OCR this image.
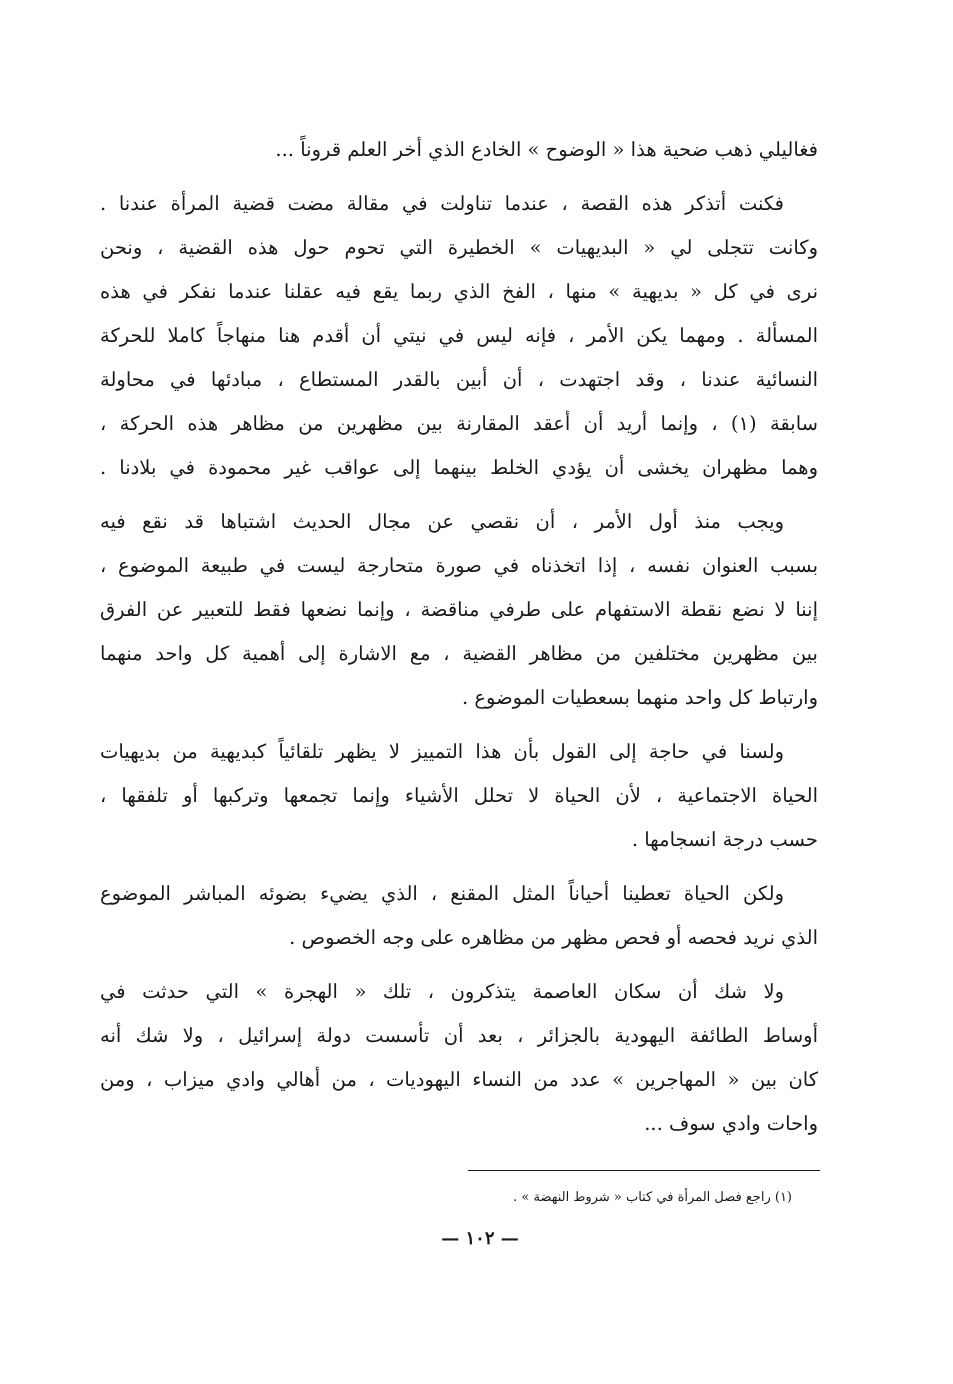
فغاليلي ذهب ضحية هذا « الوضوح » الخادع الذي أخر العلم قروناً ...
فكنت أتذكر هذه القصة ، عندما تناولت في مقالة مضت قضية المرأة عندنا .
وكانت تتجلى لي « البديهيات » الخطيرة التي تحوم حول هذه القضية ، ونحن
نرى في كل « بديهية » منها ، الفخ الذي ربما يقع فيه عقلنا عندما نفكر في هذه
المسألة . ومهما يكن الأمر ، فإنه ليس في نيتي أن أقدم هنا منهاجاً كاملا للحركة
النسائية عندنا ، وقد اجتهدت ، أن أبين بالقدر المستطاع ، مبادئها في محاولة
سابقة (١) ، وإنما أريد أن أعقد المقارنة بين مظهرين من مظاهر هذه الحركة ،
وهما مظهران يخشى أن يؤدي الخلط بينهما إلى عواقب غير محمودة في بلادنا .
ويجب منذ أول الأمر ، أن نقصي عن مجال الحديث اشتباها قد نقع فيه
بسبب العنوان نفسه ، إذا اتخذناه في صورة متحارجة ليست في طبيعة الموضوع ،
إننا لا نضع نقطة الاستفهام على طرفي مناقضة ، وإنما نضعها فقط للتعبير عن الفرق
بين مظهرين مختلفين من مظاهر القضية ، مع الاشارة إلى أهمية كل واحد منهما
وارتباط كل واحد منهما بسعطيات الموضوع .
ولسنا في حاجة إلى القول بأن هذا التمييز لا يظهر تلقائياً كبديهية من بديهيات
الحياة الاجتماعية ، لأن الحياة لا تحلل الأشياء وإنما تجمعها وتركبها أو تلفقها ،
حسب درجة انسجامها .
ولكن الحياة تعطينا أحياناً المثل المقنع ، الذي يضيء بضوئه المباشر الموضوع
الذي نريد فحصه أو فحص مظهر من مظاهره على وجه الخصوص .
ولا شك أن سكان العاصمة يتذكرون ، تلك « الهجرة » التي حدثت في
أوساط الطائفة اليهودية بالجزائر ، بعد أن تأسست دولة إسرائيل ، ولا شك أنه
كان بين « المهاجرين » عدد من النساء اليهوديات ، من أهالي وادي ميزاب ، ومن
واحات وادي سوف ...
(١) راجع فصل المرأة في كتاب « شروط النهضة » .
— ١٠٢ —
